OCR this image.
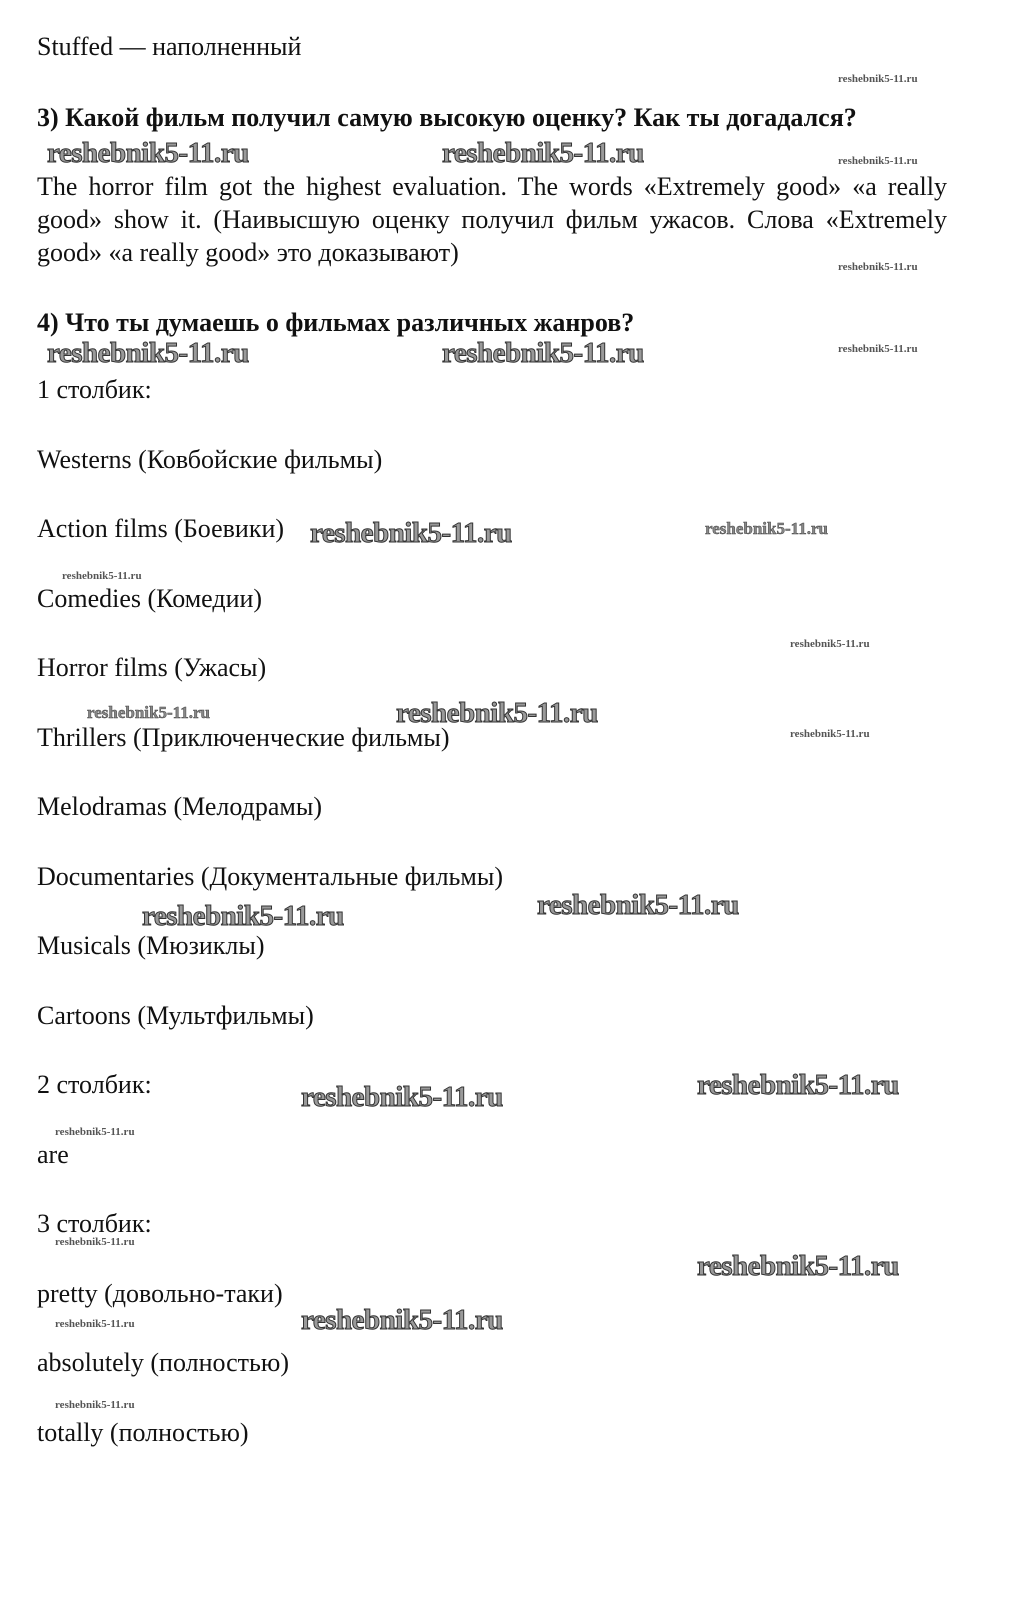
Stuffed — наполненный
3) Какой фильм получил самую высокую оценку? Как ты догадался?
The horror film got the highest evaluation. The words «Extremely good» «a really good» show it. (Наивысшую оценку получил фильм ужасов. Слова «Extremely good» «a really good» это доказывают)
4) Что ты думаешь о фильмах различных жанров?
1 столбик:
Westerns (Ковбойские фильмы)
Action films (Боевики)
Comedies (Комедии)
Horror films (Ужасы)
Thrillers (Приключенческие фильмы)
Melodramas (Мелодрамы)
Documentaries (Документальные фильмы)
Musicals (Мюзиклы)
Cartoons (Мультфильмы)
2 столбик:
are
3 столбик:
pretty (довольно-таки)
absolutely (полностью)
totally (полностью)
reshebnik5-11.ru	reshebnik5-11.ru
reshebnik5-11.ru	reshebnik5-11.ru
reshebnik5-11.ru
reshebnik5-11.ru
reshebnik5-11.ru	reshebnik5-11.ru
reshebnik5-11.ru	reshebnik5-11.ru
reshebnik5-11.ru
reshebnik5-11.ru
reshebnik5-11.ru
reshebnik5-11.ru
reshebnik5-11.ru
reshebnik5-11.ru
reshebnik5-11.ru
reshebnik5-11.ru
reshebnik5-11.ru
reshebnik5-11.ru
reshebnik5-11.ru
reshebnik5-11.ru
reshebnik5-11.ru
reshebnik5-11.ru
reshebnik5-11.ru
